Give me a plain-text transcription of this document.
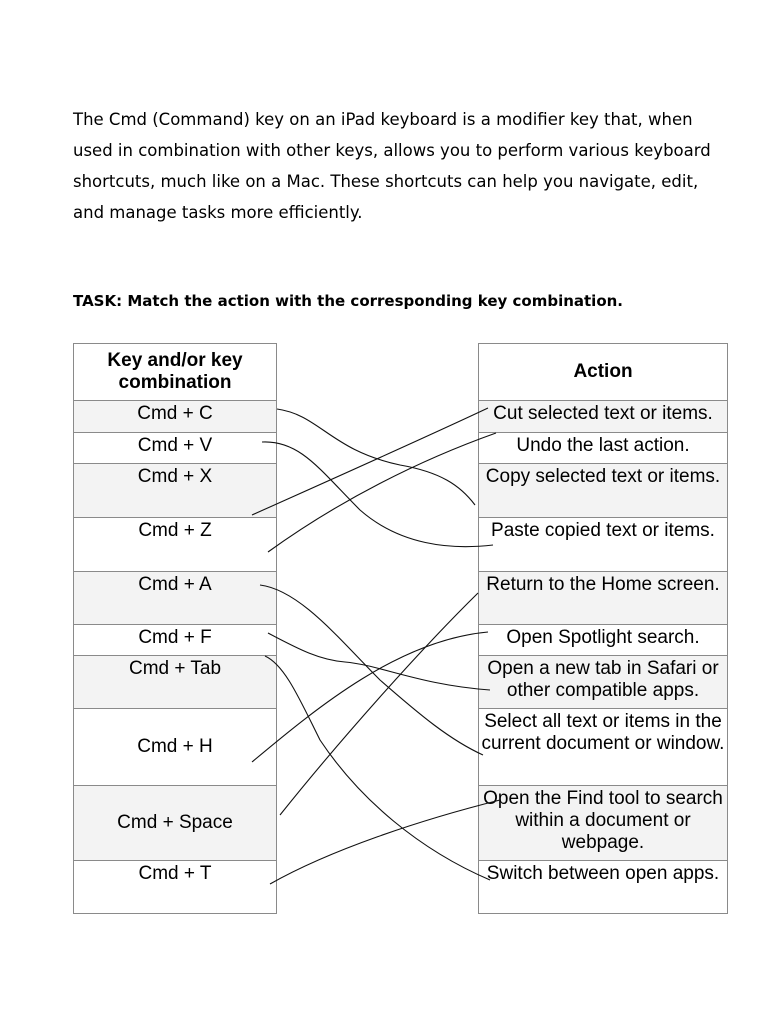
The Cmd (Command) key on an iPad keyboard is a modifier key that, when used in combination with other keys, allows you to perform various keyboard shortcuts, much like on a Mac. These shortcuts can help you navigate, edit, and manage tasks more efficiently.

TASK: Match the action with the corresponding key combination.

Key and/or key combination
Cmd + C
Cmd + V
Cmd + X
Cmd + Z
Cmd + A
Cmd + F
Cmd + Tab
Cmd + H
Cmd + Space
Cmd + T
Action
Cut selected text or items.
Undo the last action.
Copy selected text or items.
Paste copied text or items.
Return to the Home screen.
Open Spotlight search.
Open a new tab in Safari or other compatible apps.
Select all text or items in the current document or window.
Open the Find tool to search within a document or webpage.
Switch between open apps.
